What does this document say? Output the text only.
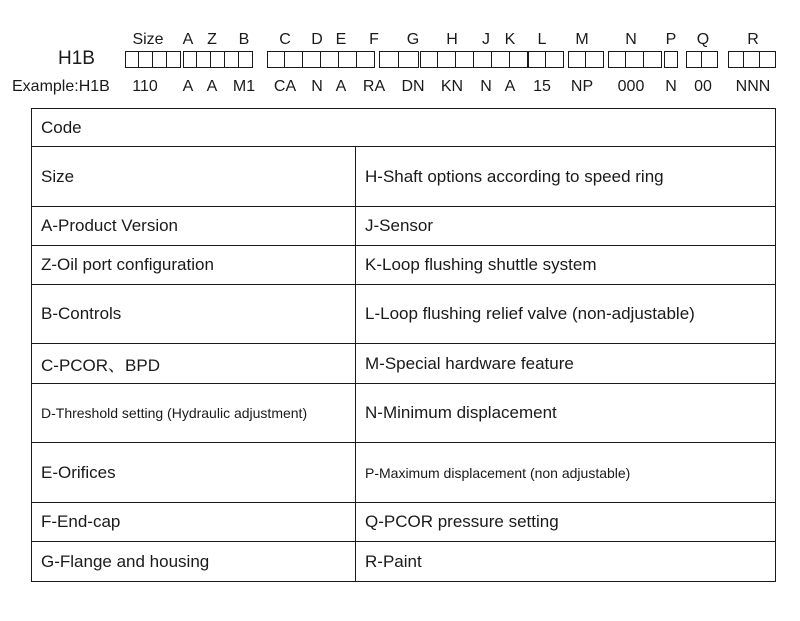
Size A Z B C D E F G H J K L M N P Q R
H1B
Example:H1B 110 A A M1 CA N A RA DN KN N A 15 NP 000 N 00 NNN
Code	
Size	H-Shaft options according to speed ring
A-Product Version	J-Sensor
Z-Oil port configuration	K-Loop flushing shuttle system
B-Controls	L-Loop flushing relief valve (non-adjustable)
C-PCOR、BPD	M-Special hardware feature
D-Threshold setting (Hydraulic adjustment)	N-Minimum displacement
E-Orifices	P-Maximum displacement (non adjustable)
F-End-cap	Q-PCOR pressure setting
G-Flange and housing	R-Paint
